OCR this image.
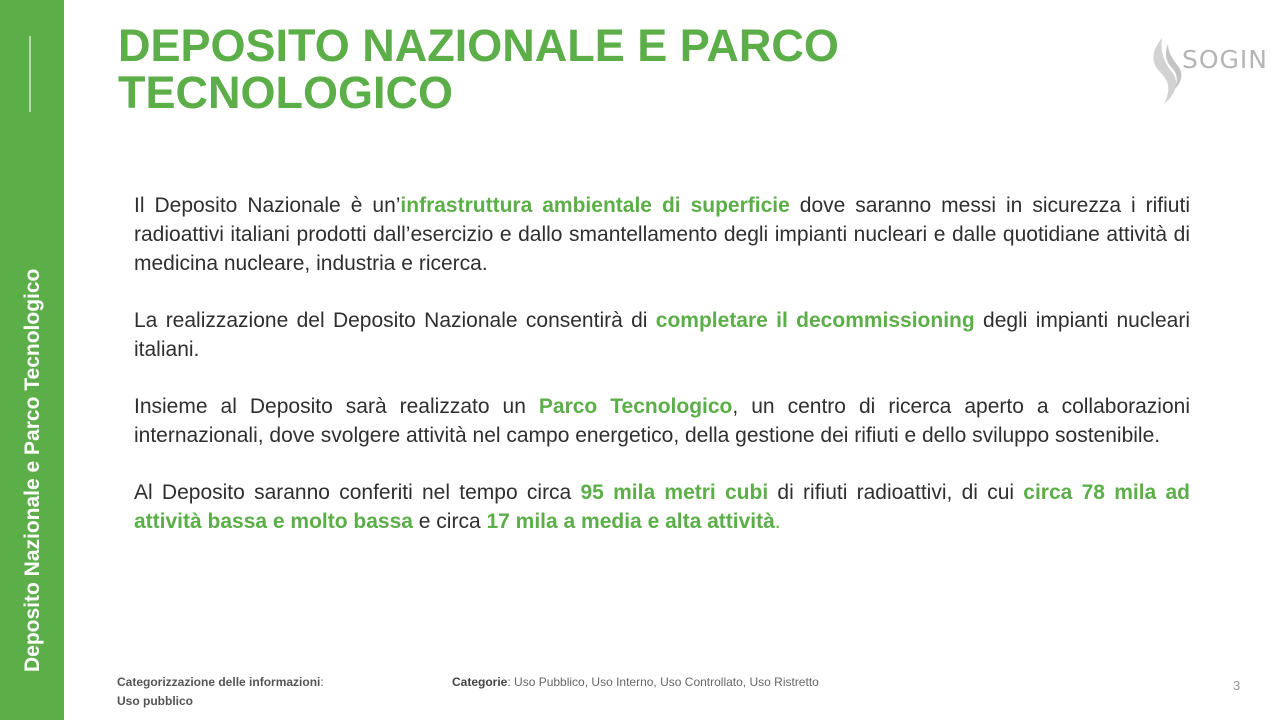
Deposito Nazionale e Parco Tecnologico
DEPOSITO NAZIONALE E PARCO TECNOLOGICO
SOGIN

Il Deposito Nazionale è un’infrastruttura ambientale di superficie dove saranno messi in sicurezza i rifiuti radioattivi italiani prodotti dall’esercizio e dallo smantellamento degli impianti nucleari e dalle quotidiane attività di medicina nucleare, industria e ricerca.

La realizzazione del Deposito Nazionale consentirà di completare il decommissioning degli impianti nucleari italiani.

Insieme al Deposito sarà realizzato un Parco Tecnologico, un centro di ricerca aperto a collaborazioni internazionali, dove svolgere attività nel campo energetico, della gestione dei rifiuti e dello sviluppo sostenibile.

Al Deposito saranno conferiti nel tempo circa 95 mila metri cubi di rifiuti radioattivi, di cui circa 78 mila ad attività bassa e molto bassa e circa 17 mila a media e alta attività.

Categorizzazione delle informazioni:
Uso pubblico
Categorie: Uso Pubblico, Uso Interno, Uso Controllato, Uso Ristretto	3
